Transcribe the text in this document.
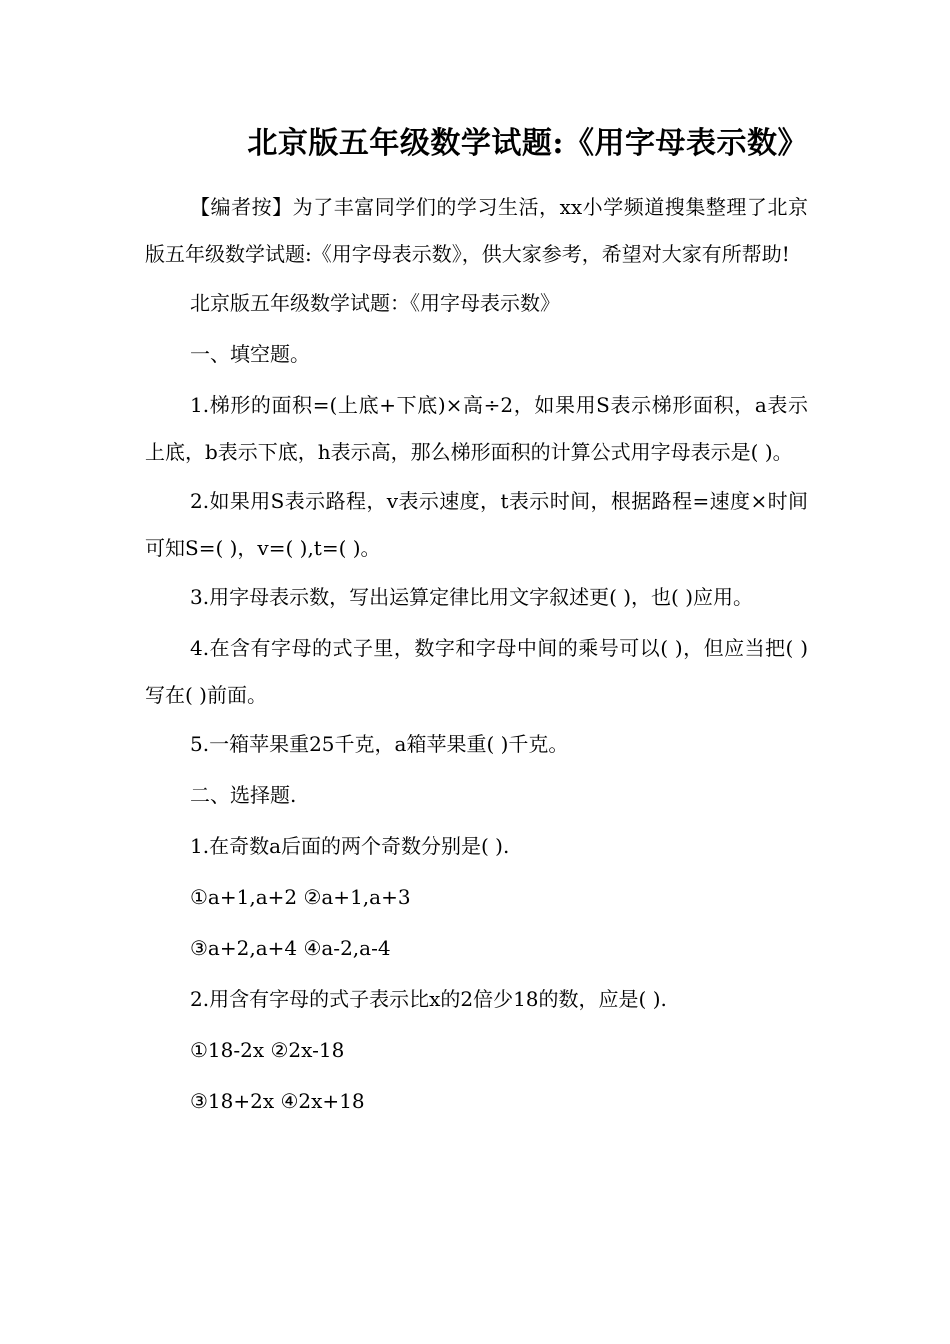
北京版五年级数学试题:《用字母表示数》

【编者按】为了丰富同学们的学习生活，xx小学频道搜集整理了北京版五年级数学试题:《用字母表示数》，供大家参考，希望对大家有所帮助!

北京版五年级数学试题：《用字母表示数》

一、填空题。

1.梯形的面积=(上底+下底)×高÷2，如果用S表示梯形面积，a表示上底，b表示下底，h表示高，那么梯形面积的计算公式用字母表示是( )。

2.如果用S表示路程，v表示速度，t表示时间，根据路程=速度×时间可知S=( )，v=( ),t=( )。

3.用字母表示数，写出运算定律比用文字叙述更( )，也( )应用。

4.在含有字母的式子里，数字和字母中间的乘号可以( )，但应当把( )写在( )前面。

5.一箱苹果重25千克，a箱苹果重( )千克。

二、选择题.

1.在奇数a后面的两个奇数分别是( ).

①a+1,a+2 ②a+1,a+3

③a+2,a+4 ④a-2,a-4

2.用含有字母的式子表示比x的2倍少18的数，应是( ).

①18-2x ②2x-18

③18+2x ④2x+18
